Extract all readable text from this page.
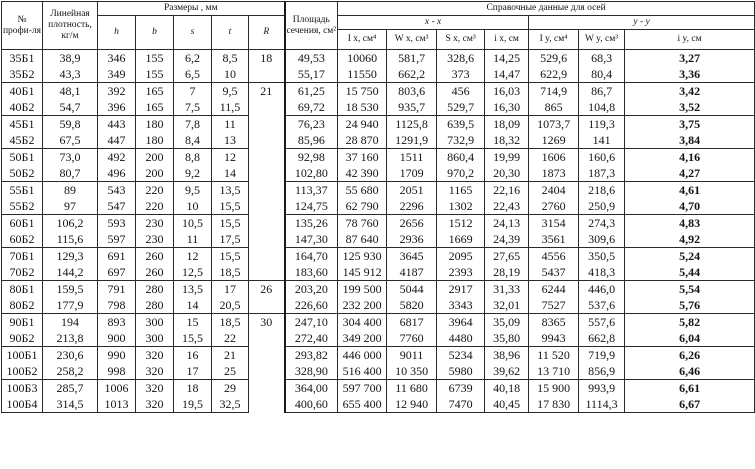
№ профи-ля	Линейная плотность, кг/м	Размеры , мм					Площадь сечения, см²	Справочные данные для осей						
		h	b	s	t	R		x - x				y - y		
								I x, см⁴	W x, см³	S x, см³	i x, см	I y, см⁴	W y, см³	i y, см
35Б1	38,9	346	155	6,2	8,5	18	49,53	10060	581,7	328,6	14,25	529,6	68,3	3,27
35Б2	43,3	349	155	6,5	10		55,17	11550	662,2	373	14,47	622,9	80,4	3,36
40Б1	48,1	392	165	7	9,5	21	61,25	15 750	803,6	456	16,03	714,9	86,7	3,42
40Б2	54,7	396	165	7,5	11,5		69,72	18 530	935,7	529,7	16,30	865	104,8	3,52
45Б1	59,8	443	180	7,8	11		76,23	24 940	1125,8	639,5	18,09	1073,7	119,3	3,75
45Б2	67,5	447	180	8,4	13		85,96	28 870	1291,9	732,9	18,32	1269	141	3,84
50Б1	73,0	492	200	8,8	12		92,98	37 160	1511	860,4	19,99	1606	160,6	4,16
50Б2	80,7	496	200	9,2	14		102,80	42 390	1709	970,2	20,30	1873	187,3	4,27
55Б1	89	543	220	9,5	13,5		113,37	55 680	2051	1165	22,16	2404	218,6	4,61
55Б2	97	547	220	10	15,5		124,75	62 790	2296	1302	22,43	2760	250,9	4,70
60Б1	106,2	593	230	10,5	15,5		135,26	78 760	2656	1512	24,13	3154	274,3	4,83
60Б2	115,6	597	230	11	17,5		147,30	87 640	2936	1669	24,39	3561	309,6	4,92
70Б1	129,3	691	260	12	15,5		164,70	125 930	3645	2095	27,65	4556	350,5	5,24
70Б2	144,2	697	260	12,5	18,5		183,60	145 912	4187	2393	28,19	5437	418,3	5,44
80Б1	159,5	791	280	13,5	17	26	203,20	199 500	5044	2917	31,33	6244	446,0	5,54
80Б2	177,9	798	280	14	20,5		226,60	232 200	5820	3343	32,01	7527	537,6	5,76
90Б1	194	893	300	15	18,5	30	247,10	304 400	6817	3964	35,09	8365	557,6	5,82
90Б2	213,8	900	300	15,5	22		272,40	349 200	7760	4480	35,80	9943	662,8	6,04
100Б1	230,6	990	320	16	21		293,82	446 000	9011	5234	38,96	11 520	719,9	6,26
100Б2	258,2	998	320	17	25		328,90	516 400	10 350	5980	39,62	13 710	856,9	6,46
100Б3	285,7	1006	320	18	29		364,00	597 700	11 680	6739	40,18	15 900	993,9	6,61
100Б4	314,5	1013	320	19,5	32,5		400,60	655 400	12 940	7470	40,45	17 830	1114,3	6,67
